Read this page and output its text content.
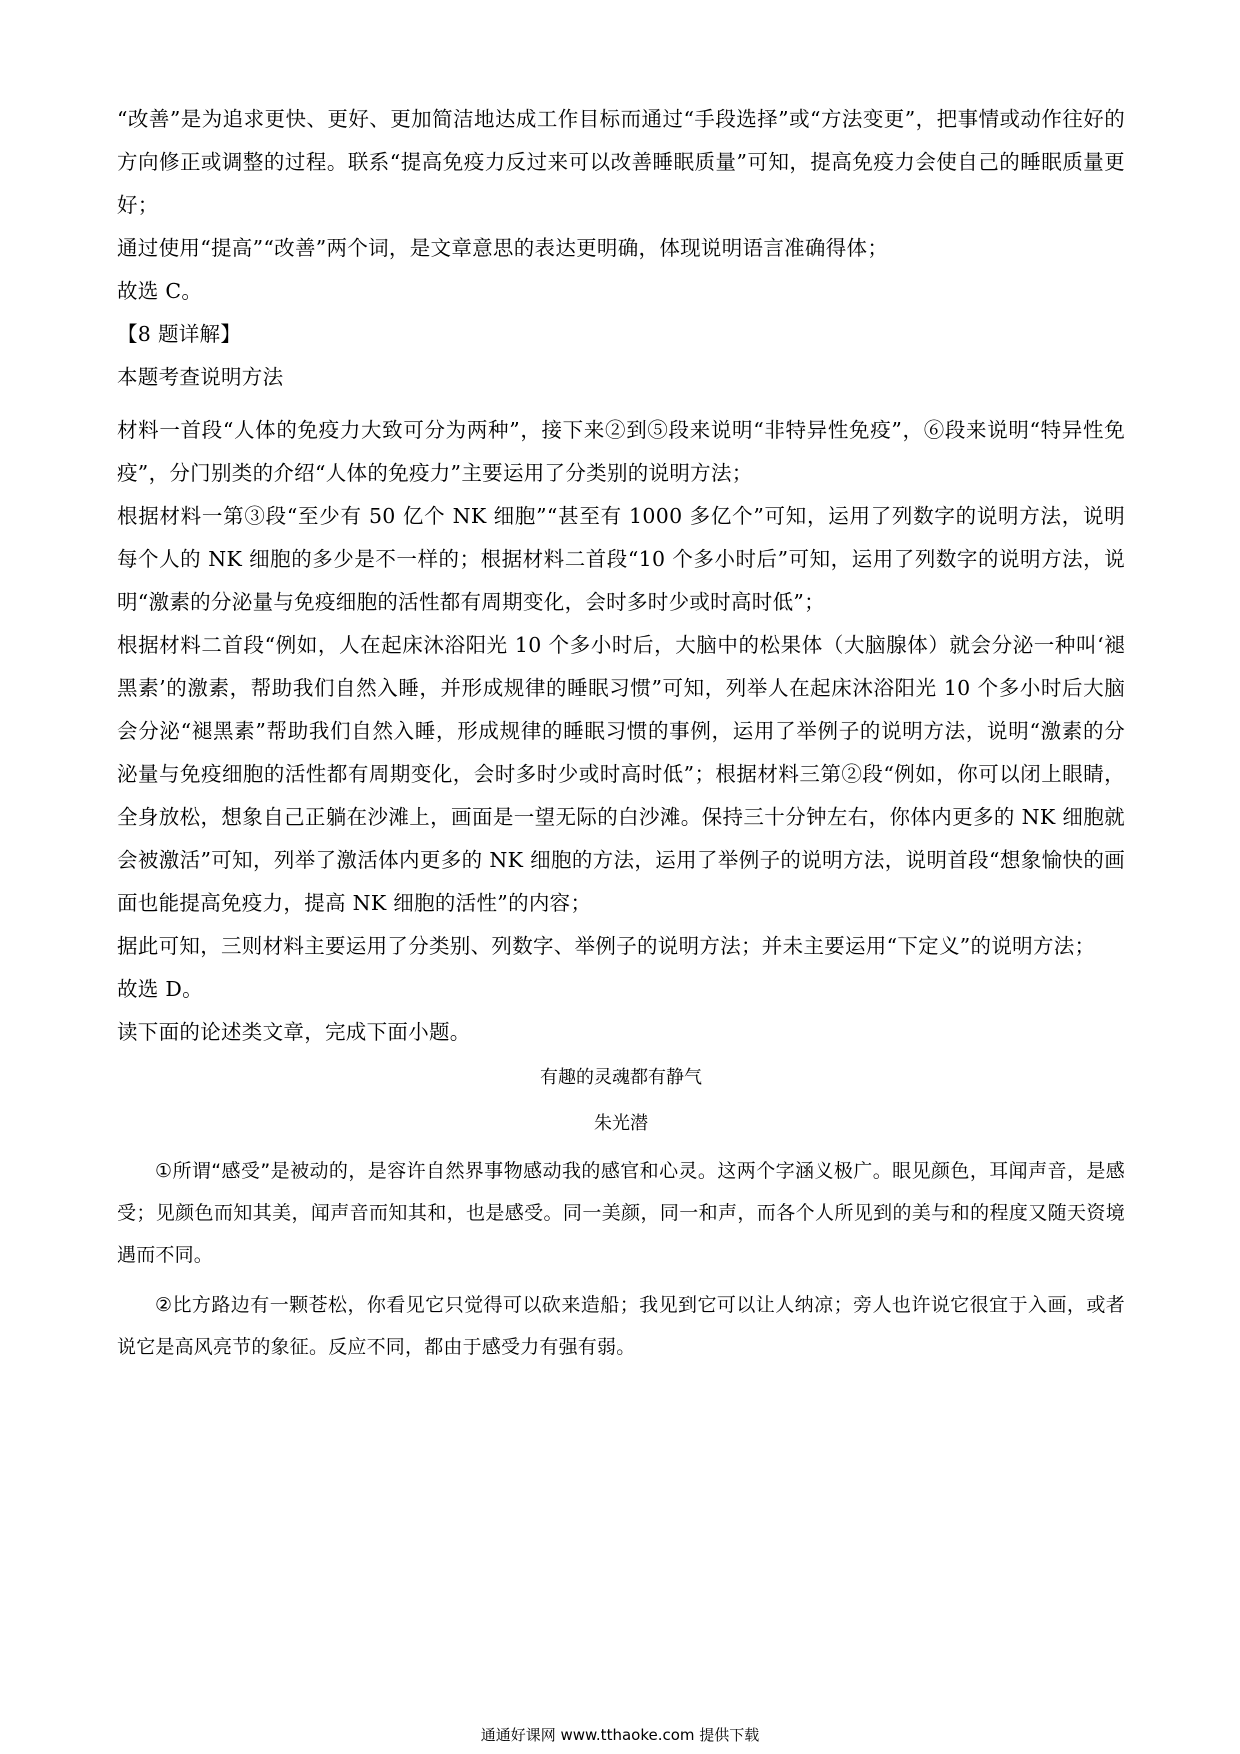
“改善”是为追求更快、更好、更加简洁地达成工作目标而通过“手段选择”或“方法变更”，把事情或动作往好的方向修正或调整的过程。联系“提高免疫力反过来可以改善睡眠质量”可知，提高免疫力会使自己的睡眠质量更好；

通过使用“提高”“改善”两个词，是文章意思的表达更明确，体现说明语言准确得体；

故选 C。

【8 题详解】

本题考查说明方法

材料一首段“人体的免疫力大致可分为两种”，接下来②到⑤段来说明“非特异性免疫”，⑥段来说明“特异性免疫”，分门别类的介绍“人体的免疫力”主要运用了分类别的说明方法；

根据材料一第③段“至少有 50 亿个 NK 细胞”“甚至有 1000 多亿个”可知，运用了列数字的说明方法，说明每个人的 NK 细胞的多少是不一样的；根据材料二首段“10 个多小时后”可知，运用了列数字的说明方法，说明“激素的分泌量与免疫细胞的活性都有周期变化，会时多时少或时高时低”；

根据材料二首段“例如，人在起床沐浴阳光 10 个多小时后，大脑中的松果体（大脑腺体）就会分泌一种叫‘褪黑素’的激素，帮助我们自然入睡，并形成规律的睡眠习惯”可知，列举人在起床沐浴阳光 10 个多小时后大脑会分泌“褪黑素”帮助我们自然入睡，形成规律的睡眠习惯的事例，运用了举例子的说明方法，说明“激素的分泌量与免疫细胞的活性都有周期变化，会时多时少或时高时低”；根据材料三第②段“例如，你可以闭上眼睛，全身放松，想象自己正躺在沙滩上，画面是一望无际的白沙滩。保持三十分钟左右，你体内更多的 NK 细胞就会被激活”可知，列举了激活体内更多的 NK 细胞的方法，运用了举例子的说明方法，说明首段“想象愉快的画面也能提高免疫力，提高 NK 细胞的活性”的内容；

据此可知，三则材料主要运用了分类别、列数字、举例子的说明方法；并未主要运用“下定义”的说明方法；

故选 D。

读下面的论述类文章，完成下面小题。

有趣的灵魂都有静气
朱光潜

①所谓“感受”是被动的，是容许自然界事物感动我的感官和心灵。这两个字涵义极广。眼见颜色，耳闻声音，是感受；见颜色而知其美，闻声音而知其和，也是感受。同一美颜，同一和声，而各个人所见到的美与和的程度又随天资境遇而不同。

②比方路边有一颗苍松，你看见它只觉得可以砍来造船；我见到它可以让人纳凉；旁人也许说它很宜于入画，或者说它是高风亮节的象征。反应不同，都由于感受力有强有弱。

通通好课网 www.tthaoke.com 提供下载
